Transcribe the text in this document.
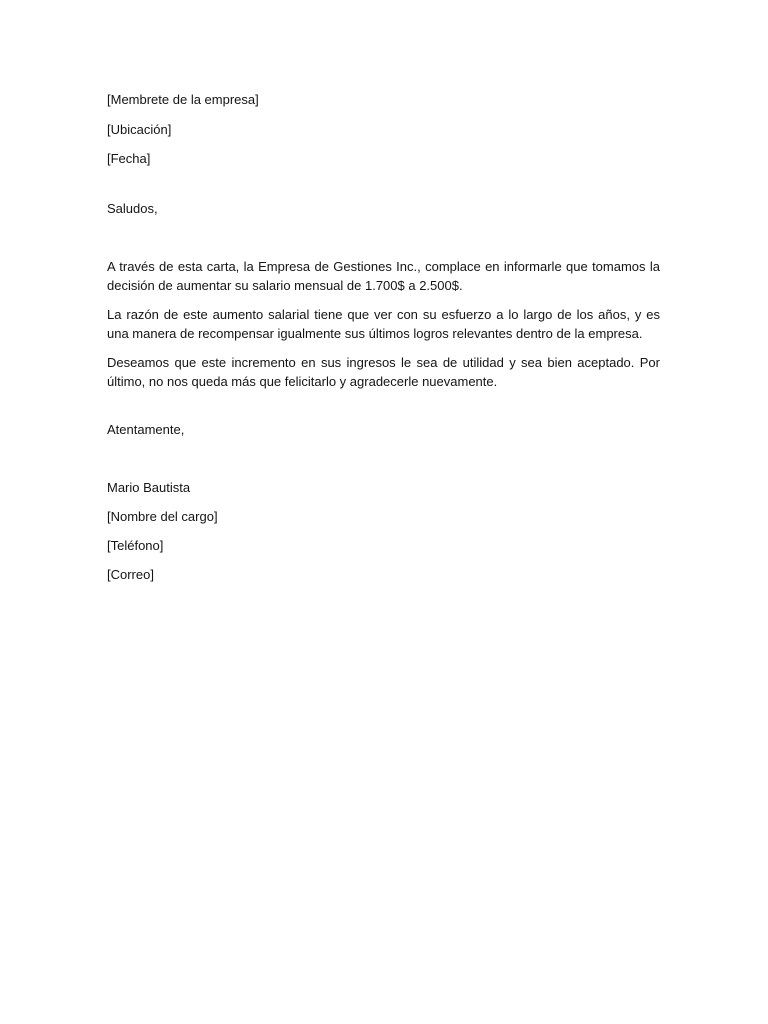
[Membrete de la empresa]
[Ubicación]
[Fecha]
Saludos,

A través de esta carta, la Empresa de Gestiones Inc., complace en informarle que tomamos la decisión de aumentar su salario mensual de 1.700$ a 2.500$.

La razón de este aumento salarial tiene que ver con su esfuerzo a lo largo de los años, y es una manera de recompensar igualmente sus últimos logros relevantes dentro de la empresa.

Deseamos que este incremento en sus ingresos le sea de utilidad y sea bien aceptado. Por último, no nos queda más que felicitarlo y agradecerle nuevamente.

Atentamente,
Mario Bautista
[Nombre del cargo]
[Teléfono]
[Correo]
